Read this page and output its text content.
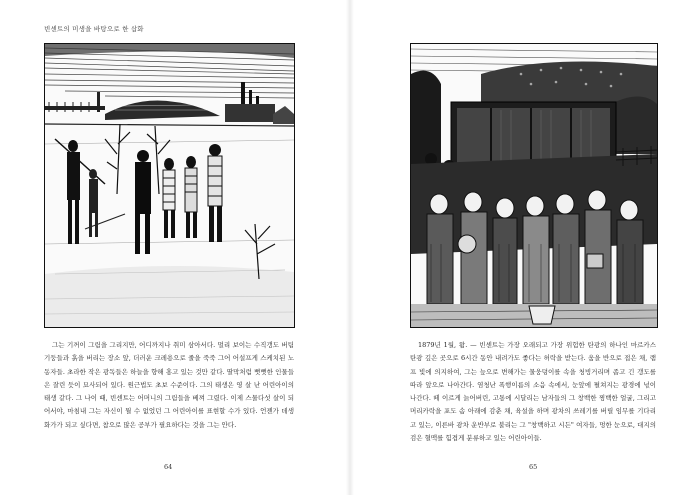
빈센트의 미생을 바탕으로 한 삽화

그는 기꺼이 그림을 그리지만, 어디까지나 취미 삼아서다. 멀리 보이는 수직갱도 버팀기둥들과 흙을 버리는 장소 앞, 더러운 크레용으로 줄을 죽죽 그어 어설프게 스케치된 노동자들. 초라한 작은 광독들은 하늘을 향해 홍고 있는 것만 같다. 딸막처럼 뻣뻣한 인물들은 잘린 듯이 묘사되어 있다. 원근법도 초보 수준이다. 그의 태생은 영 살 난 어린아이의 태생 같다. 그 나이 때, 빈센트는 어머니의 그림들을 베껴 그렸다. 이제 스물다섯 살이 되어서야, 마침내 그는 자신이 뭘 수 없었던 그 어린아이를 표현할 수가 있다. 언젠가 데생 화가가 되고 싶다면, 참으로 많은 공부가 필요하다는 것을 그는 안다.

1879년 1월, 왐. — 빈센트는 가장 오래되고 가장 위험한 탄광의 하나인 마르카스 탄광 깊은 곳으로 6시간 동안 내려가도 좋다는 허락을 받는다. 움을 반으로 접은 채, 램프 빛에 의지하여, 그는 늪으로 변해가는 물웅덩이를 속을 청빙거리며 좁고 긴 갱도를 따라 앞으로 나아간다. 염청난 폭행이름의 소음 속에서, 눈앞에 펼쳐지는 광경에 넋이 나간다. 떼 이르게 늙어버린, 고통에 시달리는 남자들의 그 창백한 찡백한 얼굴, 그리고 머리카락을 포도 솜 아래에 감춘 채, 육설을 하며 광차의 쓰레기를 버릴 임무를 기다리고 있는, 이른바 광차 운반부로 불리는 그 "창백하고 시든" 여자들, 멍한 눈으로, 대지의 검은 혈맥를 힘겹게 분류하고 있는 어린아이들.

64	65
